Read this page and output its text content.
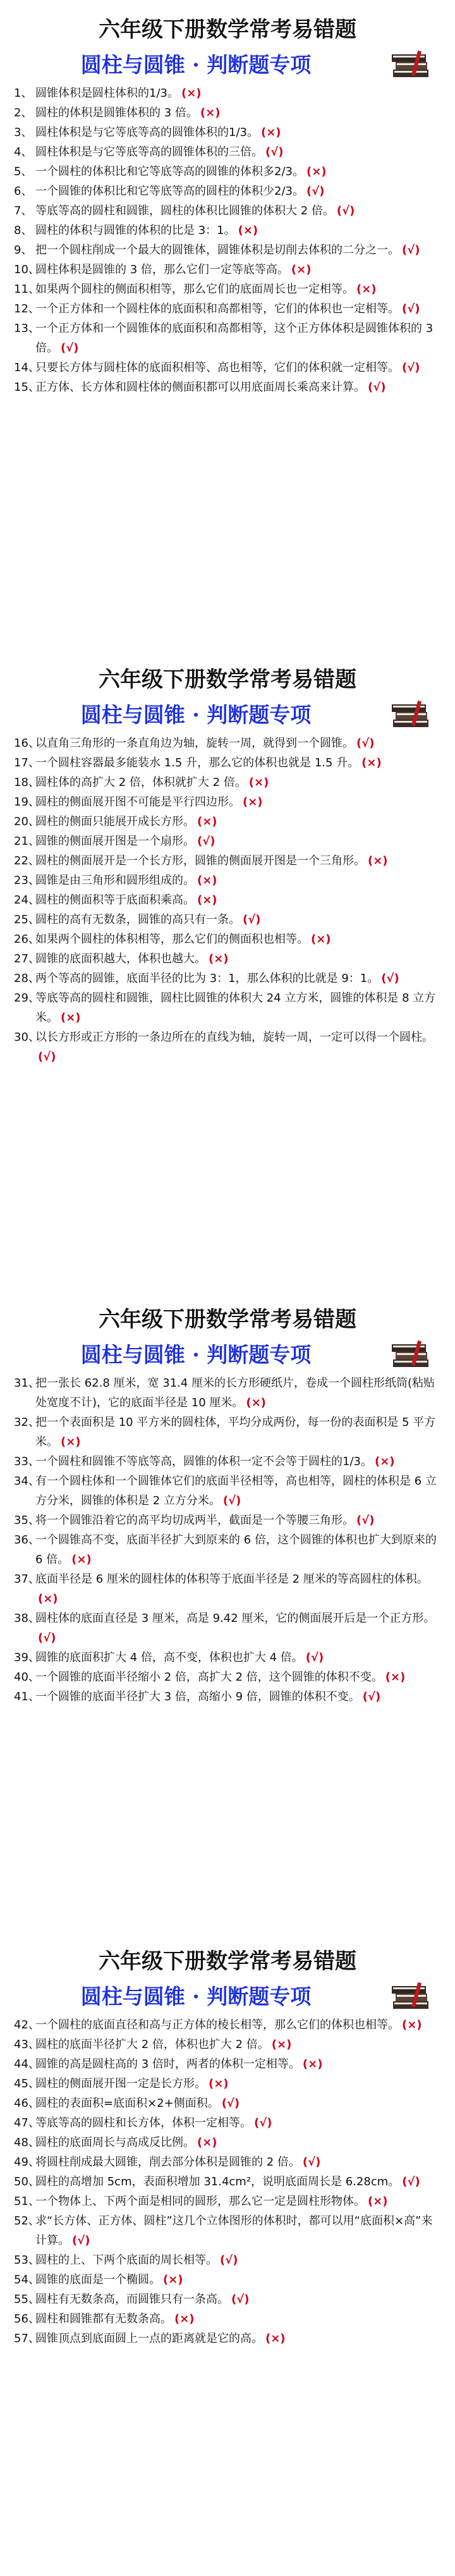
六年级下册数学常考易错题
圆柱与圆锥 · 判断题专项

1、 圆锥体积是圆柱体积的1/3。 (×)

2、 圆柱的体积是圆锥体积的 3 倍。 (×)

3、 圆柱体积是与它等底等高的圆锥体积的1/3。 (×)

4、 圆柱体积是与它等底等高的圆锥体积的三倍。 (√)

5、 一个圆柱的体积比和它等底等高的圆锥的体积多2/3。 (×)

6、 一个圆锥的体积比和它等底等高的圆柱的体积少2/3。 (√)

7、 等底等高的圆柱和圆锥，圆柱的体积比圆锥的体积大 2 倍。 (√)

8、 圆柱的体积与圆锥的体积的比是 3：1。 (×)

9、 把一个圆柱削成一个最大的圆锥体，圆锥体积是切削去体积的二分之一。 (√)

10、圆柱体积是圆锥的 3 倍，那么它们一定等底等高。 (×)

11、如果两个圆柱的侧面积相等，那么它们的底面周长也一定相等。 (×)

12、一个正方体和一个圆柱体的底面积和高都相等，它们的体积也一定相等。 (√)

13、一个正方体和一个圆锥体的底面积和高都相等，这个正方体体积是圆锥体积的 3 倍。 (√)

14、只要长方体与圆柱体的底面积相等、高也相等，它们的体积就一定相等。 (√)

15、正方体、长方体和圆柱体的侧面积都可以用底面周长乘高来计算。 (√)

六年级下册数学常考易错题
圆柱与圆锥 · 判断题专项

16、以直角三角形的一条直角边为轴，旋转一周，就得到一个圆锥。 (√)

17、一个圆柱容器最多能装水 1.5 升，那么它的体积也就是 1.5 升。 (×)

18、圆柱体的高扩大 2 倍，体积就扩大 2 倍。 (×)

19、圆柱的侧面展开图不可能是平行四边形。 (×)

20、圆柱的侧面只能展开成长方形。 (×)

21、圆锥的侧面展开图是一个扇形。 (√)

22、圆柱的侧面展开是一个长方形，圆锥的侧面展开图是一个三角形。 (×)

23、圆锥是由三角形和圆形组成的。 (×)

24、圆柱的侧面积等于底面积乘高。 (×)

25、圆柱的高有无数条，圆锥的高只有一条。 (√)

26、如果两个圆柱的体积相等，那么它们的侧面积也相等。 (×)

27、圆锥的底面积越大，体积也越大。 (×)

28、两个等高的圆锥，底面半径的比为 3：1，那么体积的比就是 9：1。 (√)

29、等底等高的圆柱和圆锥，圆柱比圆锥的体积大 24 立方米，圆锥的体积是 8 立方米。 (×)

30、以长方形或正方形的一条边所在的直线为轴，旋转一周，一定可以得一个圆柱。(√)

六年级下册数学常考易错题
圆柱与圆锥 · 判断题专项

31、把一张长 62.8 厘米，宽 31.4 厘米的长方形硬纸片，卷成一个圆柱形纸筒(粘贴处宽度不计)，它的底面半径是 10 厘米。 (×)

32、把一个表面积是 10 平方米的圆柱体，平均分成两份，每一份的表面积是 5 平方米。 (×)

33、一个圆柱和圆锥不等底等高，圆锥的体积一定不会等于圆柱的1/3。 (×)

34、有一个圆柱体和一个圆锥体它们的底面半径相等，高也相等，圆柱的体积是 6 立方分米，圆锥的体积是 2 立方分米。 (√)

35、将一个圆锥沿着它的高平均切成两半，截面是一个等腰三角形。 (√)

36、一个圆锥高不变，底面半径扩大到原来的 6 倍，这个圆锥的体积也扩大到原来的 6 倍。 (×)

37、底面半径是 6 厘米的圆柱体的体积等于底面半径是 2 厘米的等高圆柱的体积。(×)

38、圆柱体的底面直径是 3 厘米，高是 9.42 厘米，它的侧面展开后是一个正方形。(√)

39、圆锥的底面积扩大 4 倍，高不变，体积也扩大 4 倍。 (√)

40、一个圆锥的底面半径缩小 2 倍，高扩大 2 倍，这个圆锥的体积不变。 (×)

41、一个圆锥的底面半径扩大 3 倍，高缩小 9 倍，圆锥的体积不变。 (√)

六年级下册数学常考易错题
圆柱与圆锥 · 判断题专项

42、一个圆柱的底面直径和高与正方体的棱长相等，那么它们的体积也相等。 (×)

43、圆柱的底面半径扩大 2 倍，体积也扩大 2 倍。 (×)

44、圆锥的高是圆柱高的 3 倍时，两者的体积一定相等。 (×)

45、圆柱的侧面展开图一定是长方形。 (×)

46、圆柱的表面积=底面积×2+侧面积。 (√)

47、等底等高的圆柱和长方体，体积一定相等。 (√)

48、圆柱的底面周长与高成反比例。 (×)

49、将圆柱削成最大圆锥，削去部分体积是圆锥的 2 倍。 (√)

50、圆柱的高增加 5cm，表面积增加 31.4cm²，说明底面周长是 6.28cm。 (√)

51、一个物体上、下两个面是相同的圆形，那么它一定是圆柱形物体。 (×)

52、求“长方体、正方体、圆柱”这几个立体图形的体积时，都可以用“底面积×高”来计算。 (√)

53、圆柱的上、下两个底面的周长相等。 (√)

54、圆锥的底面是一个椭圆。 (×)

55、圆柱有无数条高，而圆锥只有一条高。 (√)

56、圆柱和圆锥都有无数条高。 (×)

57、圆锥顶点到底面圆上一点的距离就是它的高。 (×)
